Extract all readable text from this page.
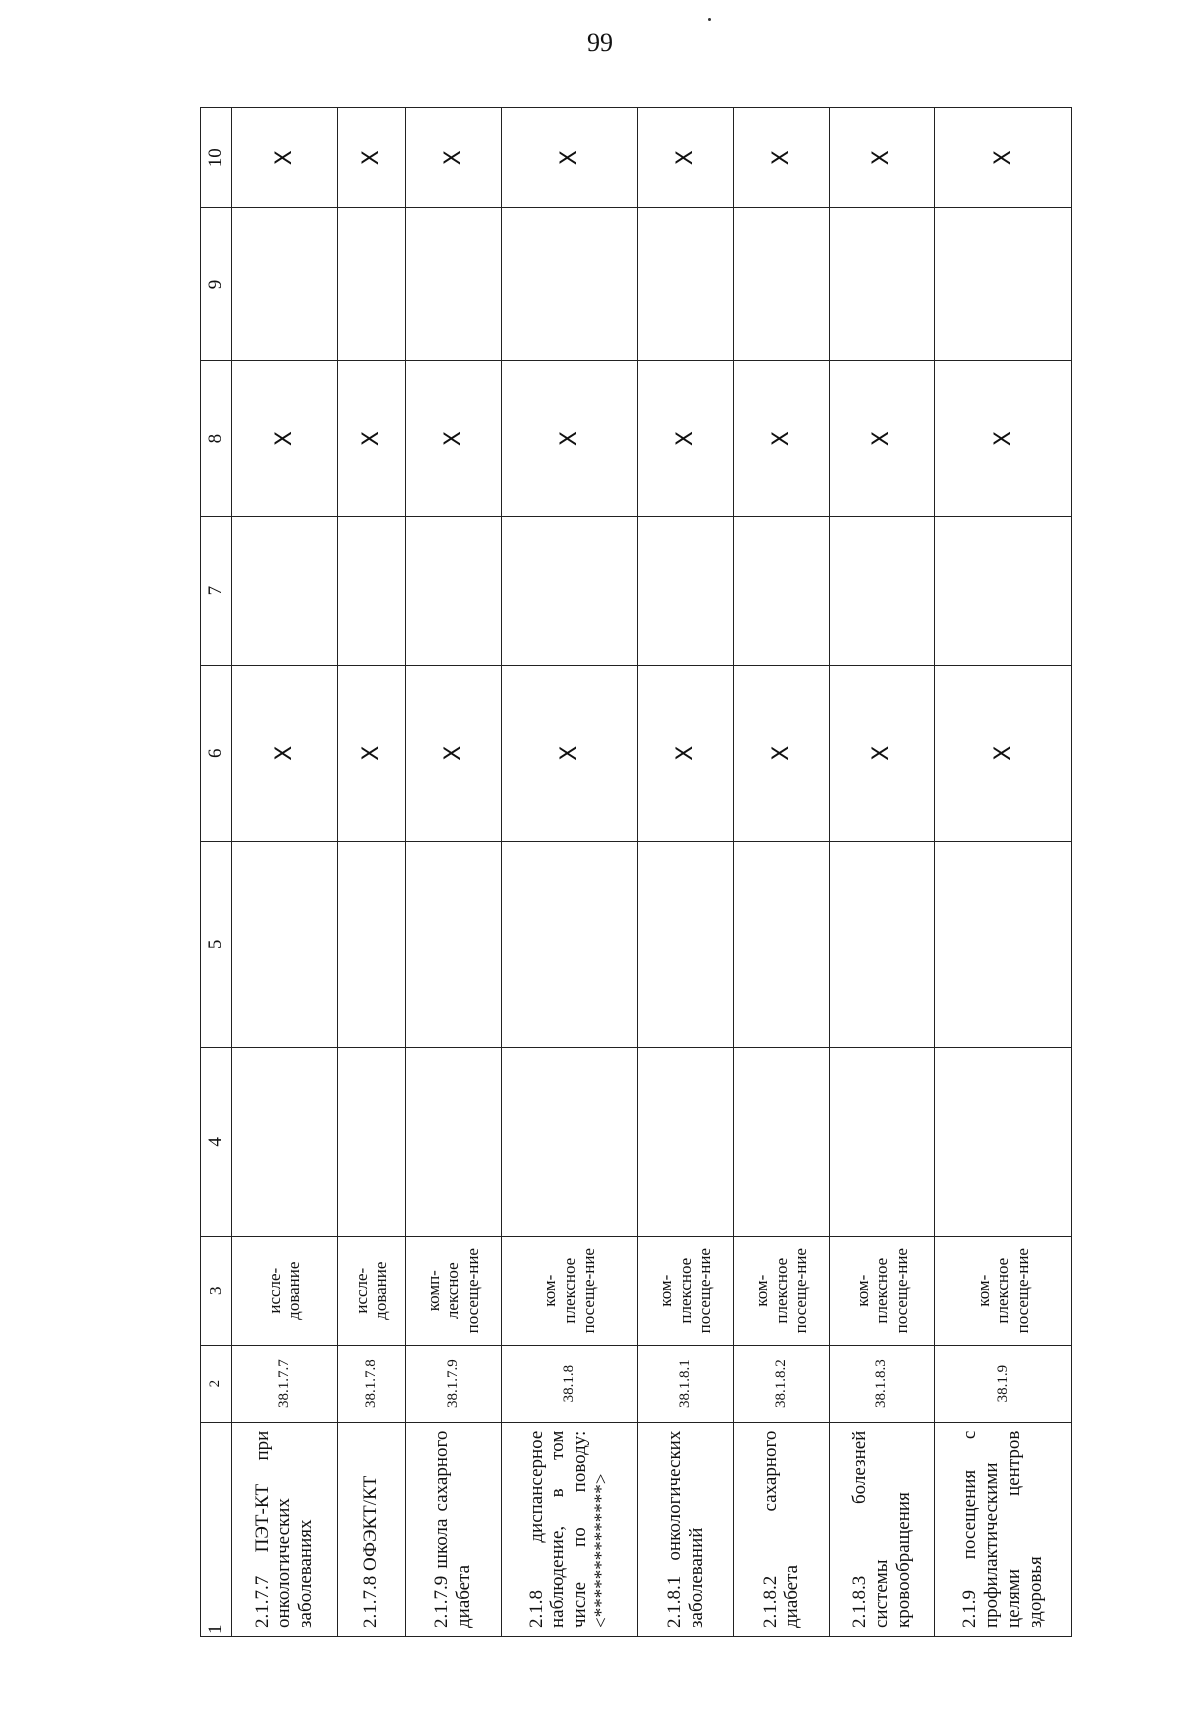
99
1	2	3	4	5	6	7	8	9	10
2.1.7.7 ПЭТ-КТ при онкологических заболеваниях	38.1.7.7	иссле-дование			X		X		X
2.1.7.8 ОФЭКТ/КТ	38.1.7.8	иссле-дование			X		X		X
2.1.7.9 школа сахарного диабета	38.1.7.9	комп-лексное посеще-ние			X		X		X
2.1.8 диспансерное наблюдение, в том числе по поводу: <**************>	38.1.8	ком-плексное посеще-ние			X		X		X
2.1.8.1 онкологических заболеваний	38.1.8.1	ком-плексное посеще-ние			X		X		X
2.1.8.2 сахарного диабета	38.1.8.2	ком-плексное посеще-ние			X		X		X
2.1.8.3 болезней системы кровообращения	38.1.8.3	ком-плексное посеще-ние			X		X		X
2.1.9 посещения с профилактическими целями центров здоровья	38.1.9	ком-плексное посеще-ние			X		X		X
